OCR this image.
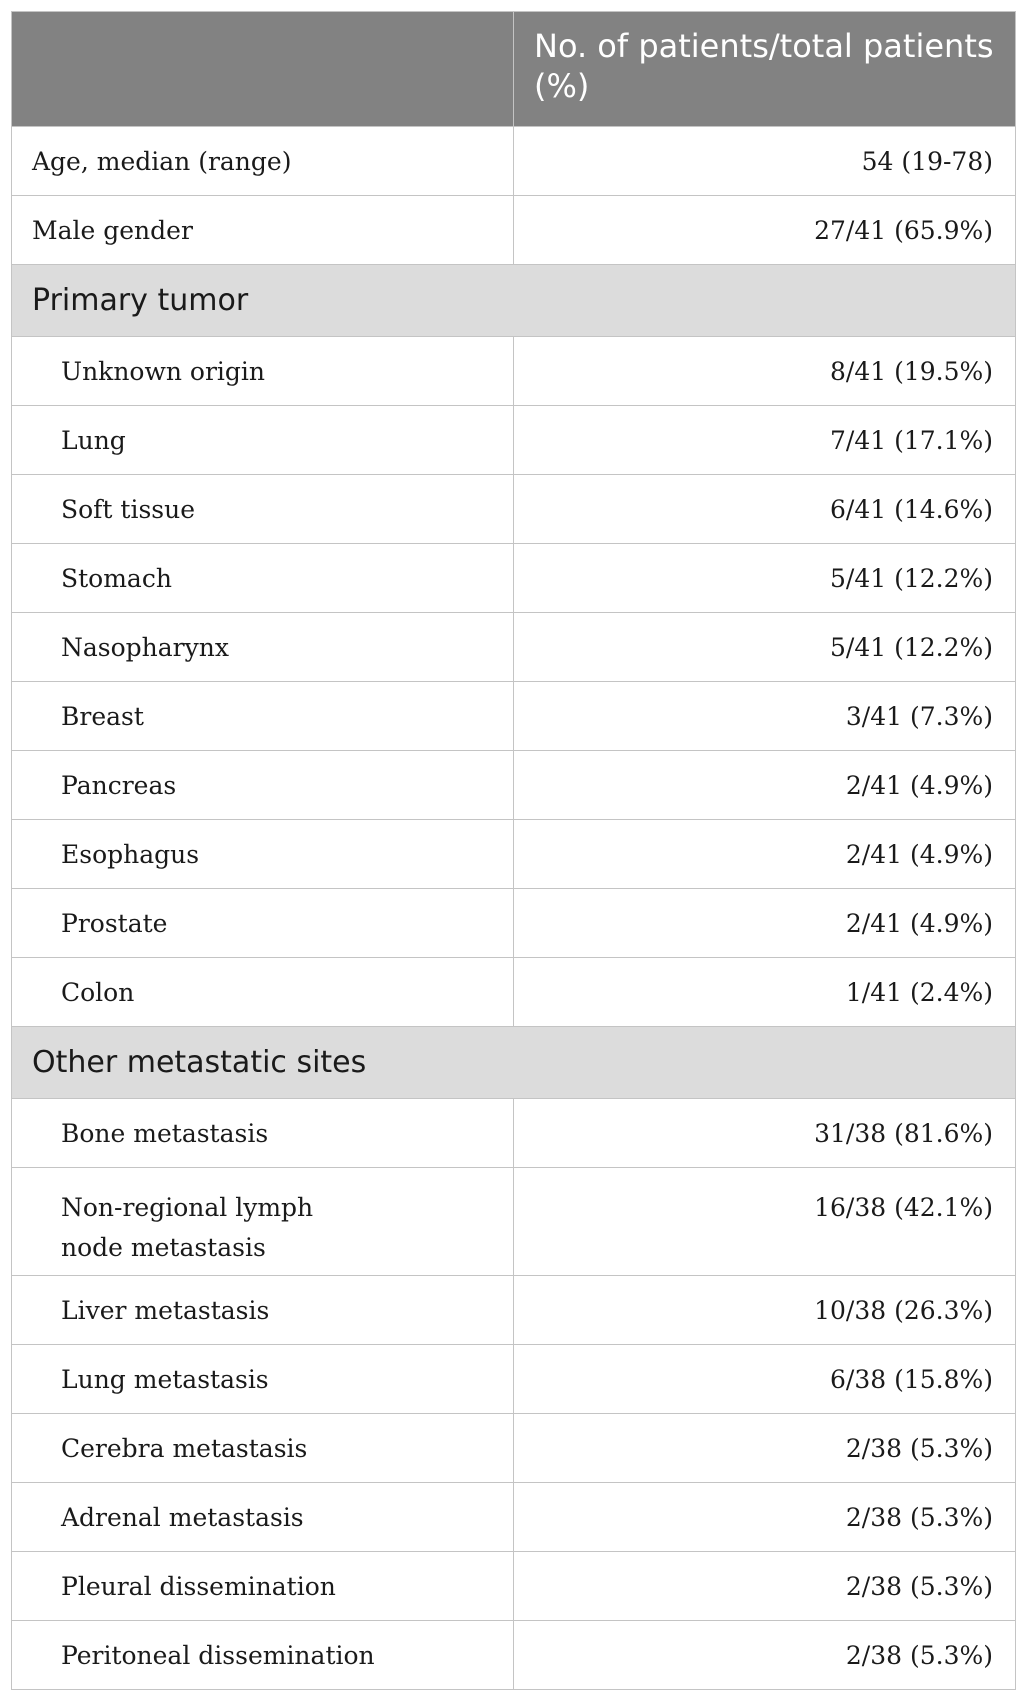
	No. of patients/total patients (%)

Age, median (range)	54 (19-78)

Male gender	27/41 (65.9%)

Primary tumor	

Unknown origin	8/41 (19.5%)

Lung	7/41 (17.1%)

Soft tissue	6/41 (14.6%)

Stomach	5/41 (12.2%)

Nasopharynx	5/41 (12.2%)

Breast	3/41 (7.3%)

Pancreas	2/41 (4.9%)

Esophagus	2/41 (4.9%)

Prostate	2/41 (4.9%)

Colon	1/41 (2.4%)

Other metastatic sites	

Bone metastasis	31/38 (81.6%)

Non-regional lymph node metastasis	16/38 (42.1%)

Liver metastasis	10/38 (26.3%)

Lung metastasis	6/38 (15.8%)

Cerebra metastasis	2/38 (5.3%)

Adrenal metastasis	2/38 (5.3%)

Pleural dissemination	2/38 (5.3%)

Peritoneal dissemination	2/38 (5.3%)
